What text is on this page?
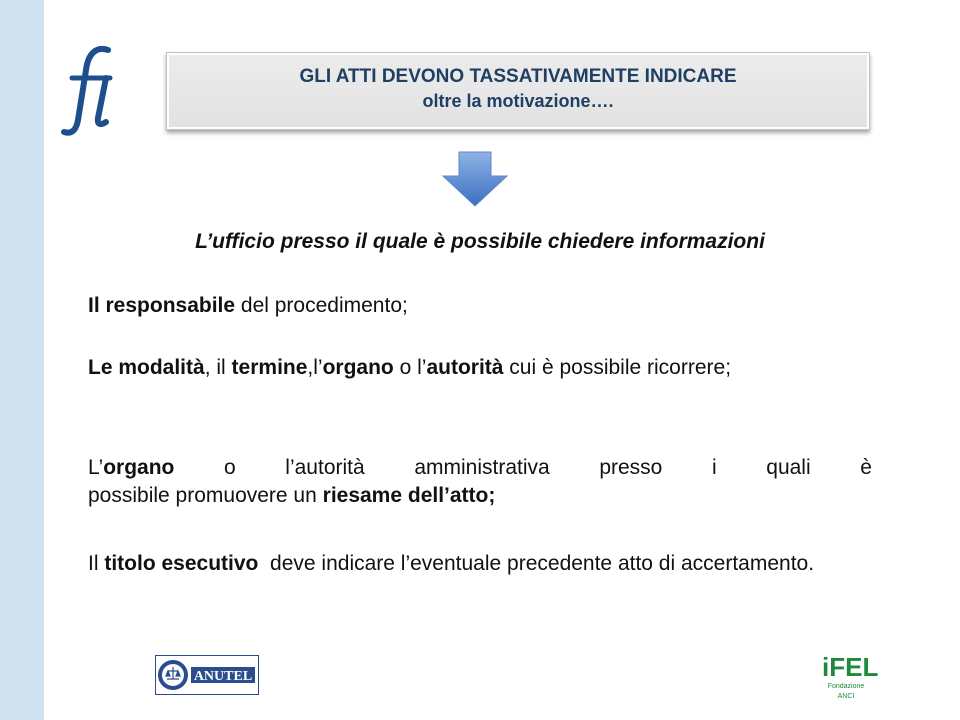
GLI ATTI DEVONO TASSATIVAMENTE INDICARE
oltre la motivazione….
L’ufficio presso il quale è possibile chiedere informazioni
Il responsabile del procedimento;
Le modalità, il termine,l’organo o l’autorità cui è possibile ricorrere;
L’organo o l’autorità amministrativa presso i quali è
possibile promuovere un riesame dell’atto;
Il titolo esecutivo  deve indicare l’eventuale precedente atto di accertamento.
ANUTEL	iFEL
Fondazione ANCI
